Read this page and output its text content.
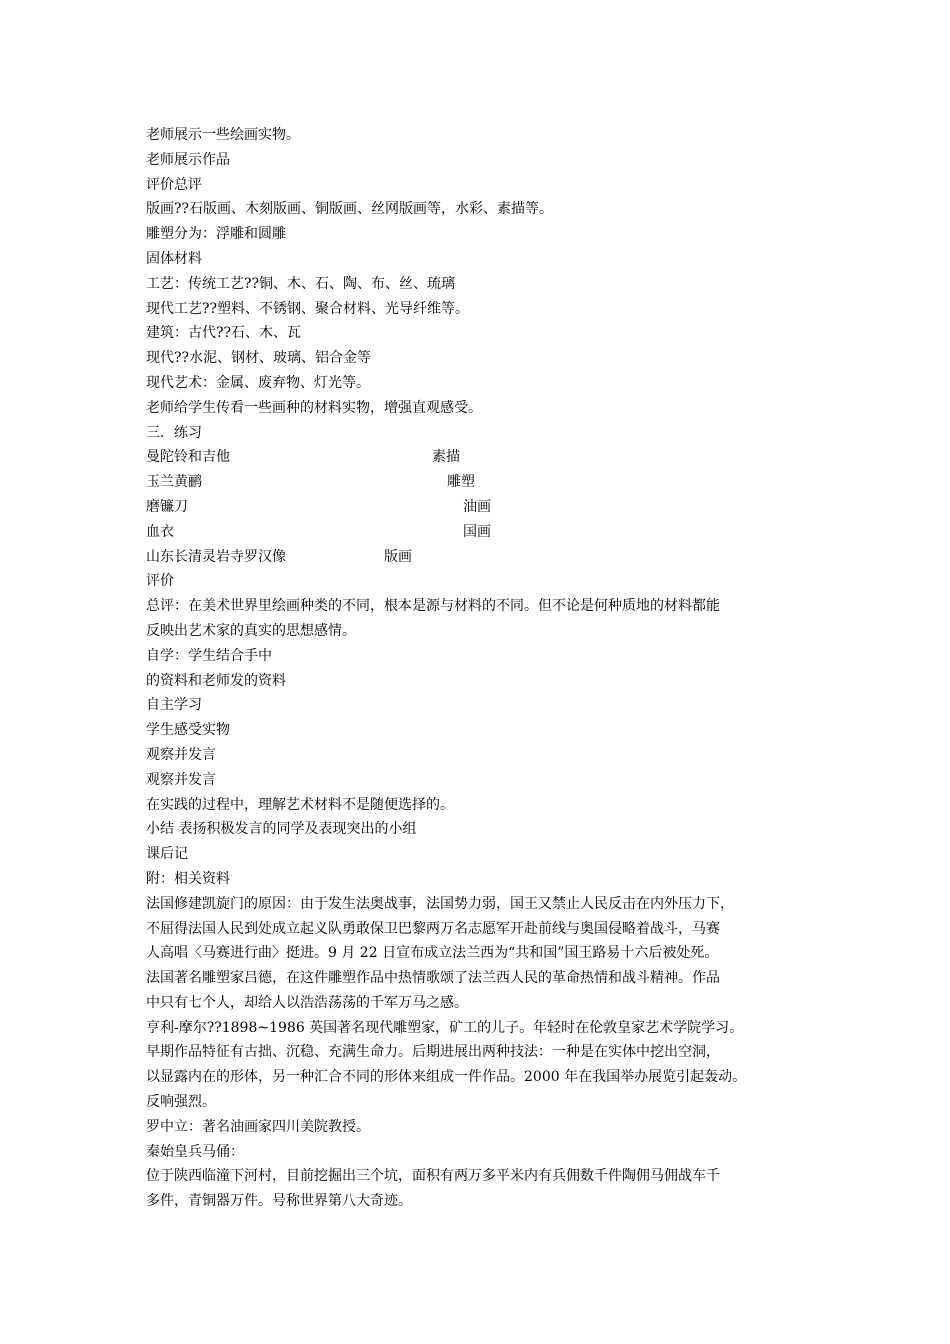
老师展示一些绘画实物。
老师展示作品
评价总评
版画??石版画、木刻版画、铜版画、丝网版画等，水彩、素描等。
雕塑分为：浮雕和圆雕
固体材料
工艺：传统工艺??铜、木、石、陶、布、丝、琉璃
现代工艺??塑料、不锈钢、聚合材料、光导纤维等。
建筑：古代??石、木、瓦
现代??水泥、钢材、玻璃、铝合金等
现代艺术：金属、废弃物、灯光等。
老师给学生传看一些画种的材料实物，增强直观感受。
三．练习
曼陀铃和吉他	素描
玉兰黄鹂	雕塑
磨镰刀	油画
血衣	国画
山东长清灵岩寺罗汉像	版画
评价
总评：在美术世界里绘画种类的不同，根本是源与材料的不同。但不论是何种质地的材料都能
反映出艺术家的真实的思想感情。
自学：学生结合手中
的资料和老师发的资料
自主学习
学生感受实物
观察并发言
观察并发言
在实践的过程中，理解艺术材料不是随便选择的。
小结 表扬积极发言的同学及表现突出的小组
课后记
附：相关资料
法国修建凯旋门的原因：由于发生法奥战事，法国势力弱，国王又禁止人民反击在内外压力下，
不屈得法国人民到处成立起义队勇敢保卫巴黎两万名志愿军开赴前线与奥国侵略着战斗，马赛
人高唱〈马赛进行曲〉挺进。9 月 22 日宣布成立法兰西为“共和国”国王路易十六后被处死。
法国著名雕塑家吕德，在这件雕塑作品中热情歌颂了法兰西人民的革命热情和战斗精神。作品
中只有七个人，却给人以浩浩荡荡的千军万马之感。
亨利-摩尔??1898~1986 英国著名现代雕塑家，矿工的儿子。年轻时在伦敦皇家艺术学院学习。
早期作品特征有古拙、沉稳、充满生命力。后期进展出两种技法：一种是在实体中挖出空洞，
以显露内在的形体，另一种汇合不同的形体来组成一件作品。2000 年在我国举办展览引起轰动。
反响强烈。
罗中立：著名油画家四川美院教授。
秦始皇兵马俑：
位于陕西临潼下河村，目前挖掘出三个坑，面积有两万多平米内有兵佣数千件陶佣马佣战车千
多件，青铜器万件。号称世界第八大奇迹。
